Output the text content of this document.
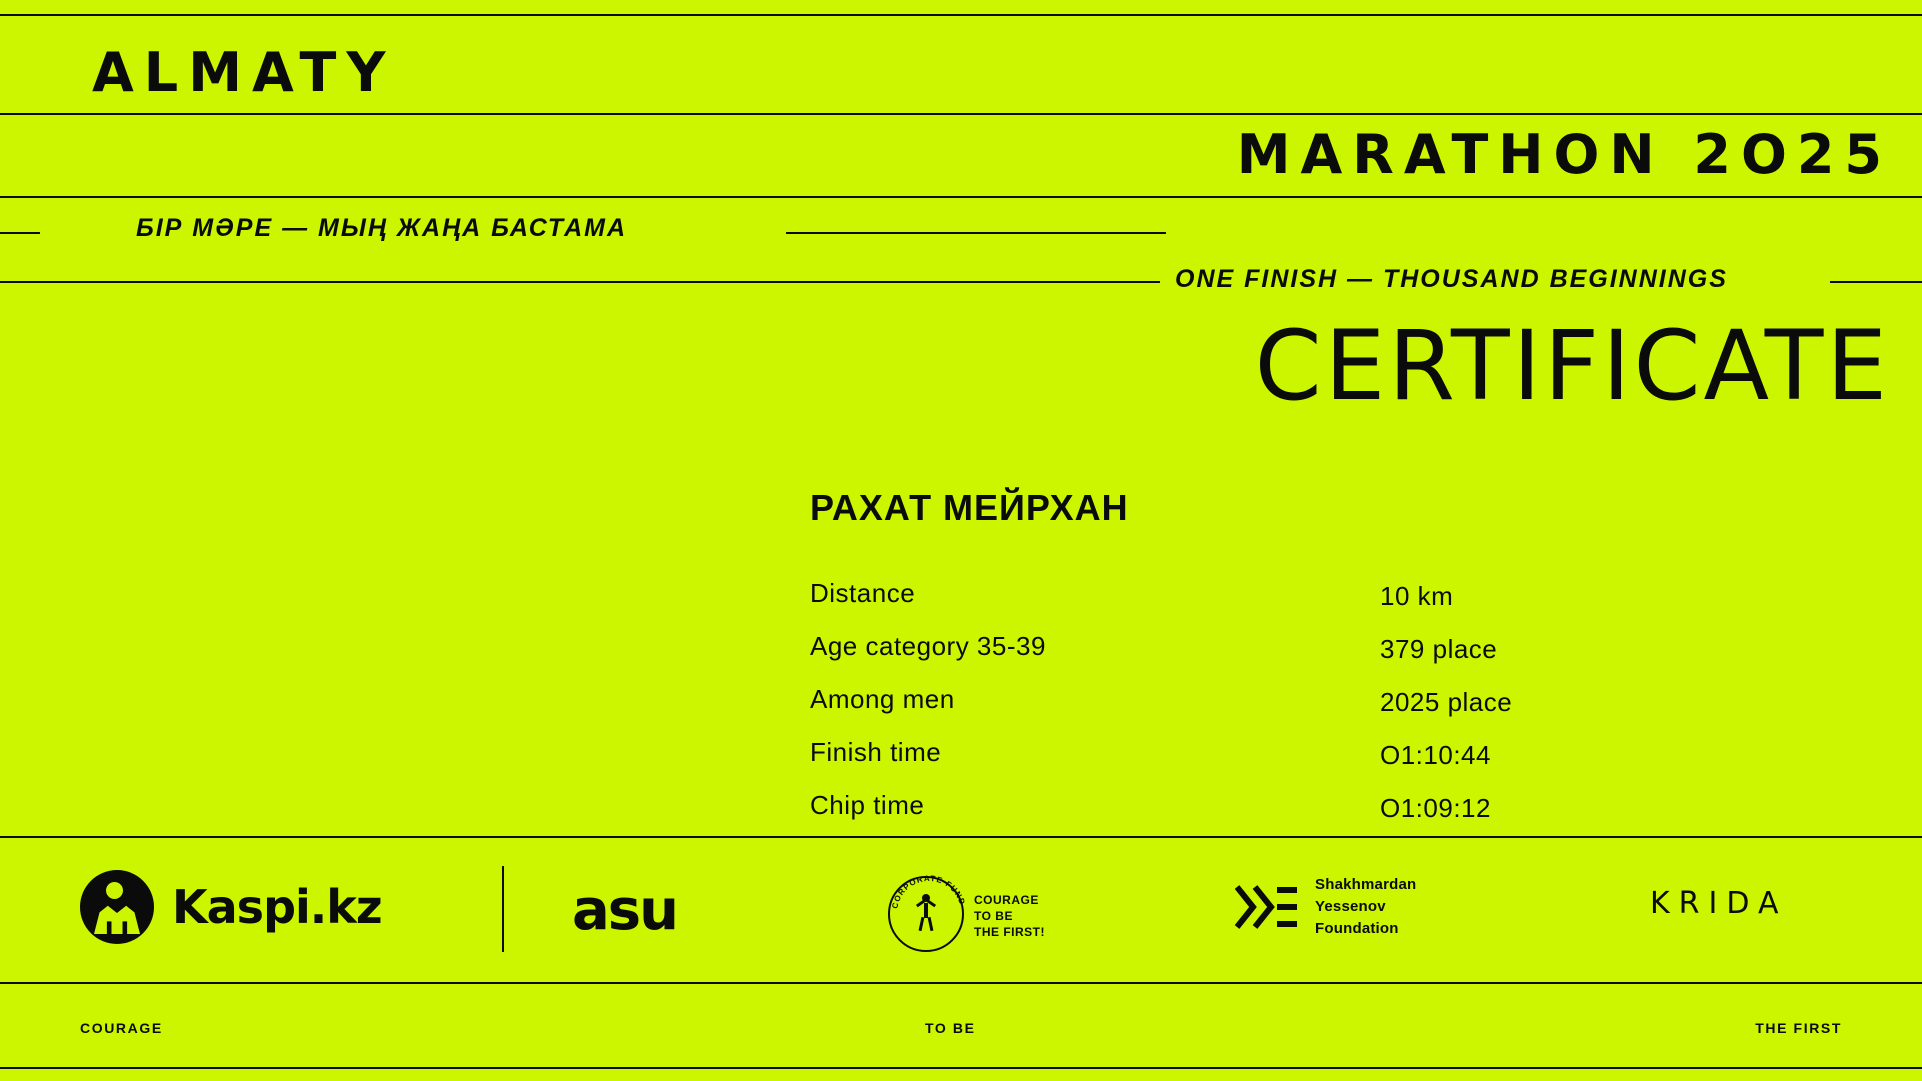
ALMATY
MARATHON 2O25
БІР МӘРЕ — МЫҢ ЖАҢА БАСТАМА
ONE FINISH — THOUSAND BEGINNINGS
CERTIFICATE
РАХАТ МЕЙРХАН
Distance	10 km
Age category 35-39	379 place
Among men	2025 place
Finish time	O1:10:44
Chip time	O1:09:12
Kaspi.kz	asu	CORPORATE FUND COURAGE
TO BE
THE FIRST!
Shakhmardan
Yessenov
Foundation
KRIDA
COURAGE	TO BE	THE FIRST
